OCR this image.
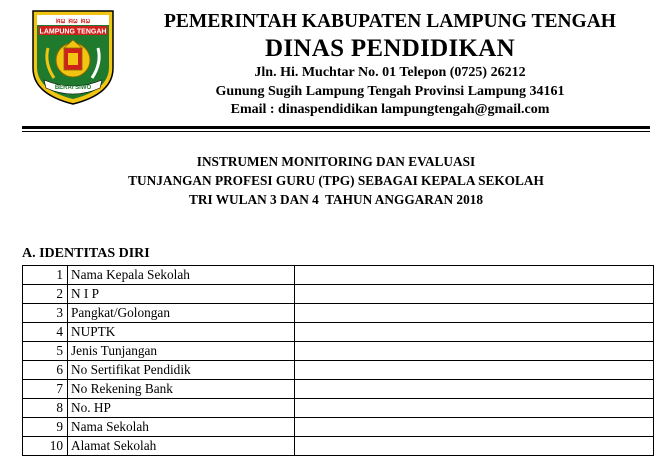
ꤌꤗ ꤌꤗ ꤌꤗ
LAMPUNG TENGAH
BERAI SIWO
PEMERINTAH KABUPATEN LAMPUNG TENGAH
DINAS PENDIDIKAN
Jln. Hi. Muchtar No. 01 Telepon (0725) 26212
Gunung Sugih Lampung Tengah Provinsi Lampung 34161
Email : dinaspendidikan lampungtengah@gmail.com
INSTRUMEN MONITORING DAN EVALUASI
TUNJANGAN PROFESI GURU (TPG) SEBAGAI KEPALA SEKOLAH
TRI WULAN 3 DAN 4  TAHUN ANGGARAN 2018
A. IDENTITAS DIRI
1	Nama Kepala Sekolah	
2	N I P	
3	Pangkat/Golongan	
4	NUPTK	
5	Jenis Tunjangan	
6	No Sertifikat Pendidik	
7	No Rekening Bank	
8	No. HP	
9	Nama Sekolah	
10	Alamat Sekolah	
